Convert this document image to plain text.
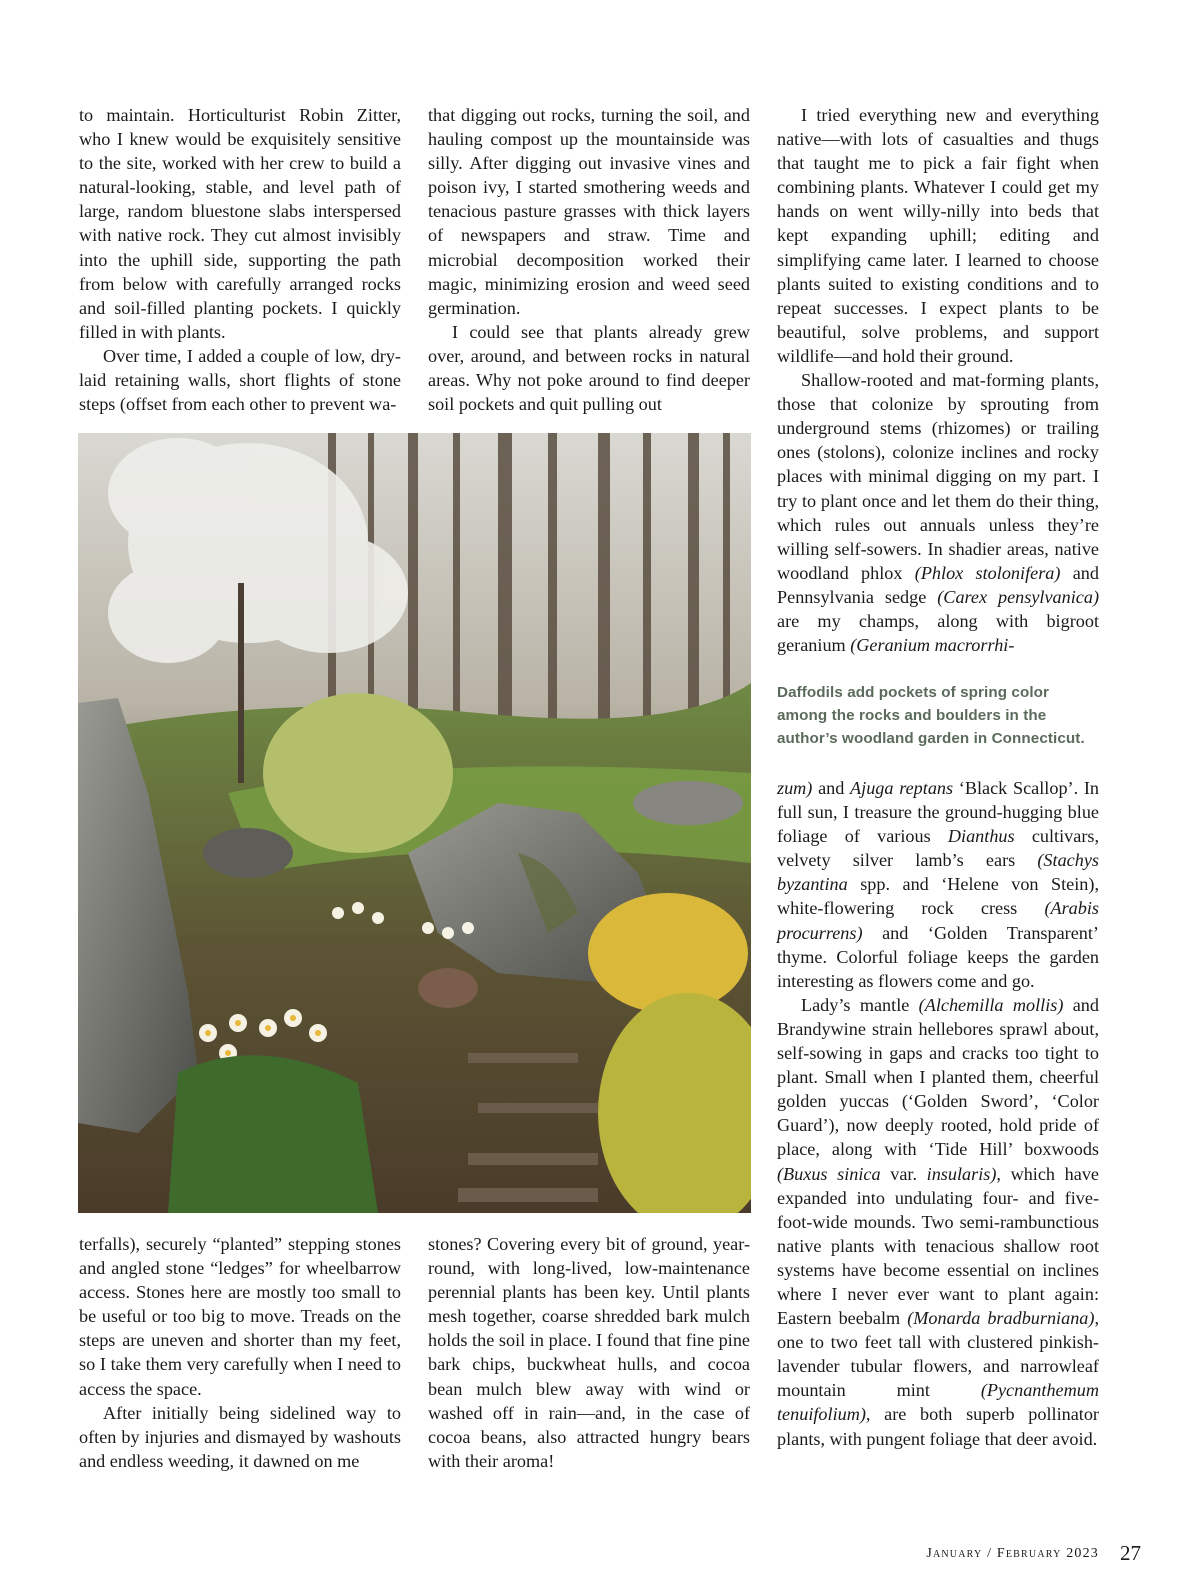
to maintain. Horticulturist Robin Zitter, who I knew would be exquisitely sensitive to the site, worked with her crew to build a natural-looking, stable, and level path of large, random bluestone slabs interspersed with native rock. They cut almost invisibly into the uphill side, supporting the path from below with carefully arranged rocks and soil-filled planting pockets. I quickly filled in with plants.

Over time, I added a couple of low, dry-laid retaining walls, short flights of stone steps (offset from each other to prevent wa-

that digging out rocks, turning the soil, and hauling compost up the mountainside was silly. After digging out invasive vines and poison ivy, I started smothering weeds and tenacious pasture grasses with thick layers of newspapers and straw. Time and microbial decomposition worked their magic, minimizing erosion and weed seed germination.

I could see that plants already grew over, around, and between rocks in natural areas. Why not poke around to find deeper soil pockets and quit pulling out

I tried everything new and everything native—with lots of casualties and thugs that taught me to pick a fair fight when combining plants. Whatever I could get my hands on went willy-nilly into beds that kept expanding uphill; editing and simplifying came later. I learned to choose plants suited to existing conditions and to repeat successes. I expect plants to be beautiful, solve problems, and support wildlife—and hold their ground.

Shallow-rooted and mat-forming plants, those that colonize by sprouting from underground stems (rhizomes) or trailing ones (stolons), colonize inclines and rocky places with minimal digging on my part. I try to plant once and let them do their thing, which rules out annuals unless they’re willing self-sowers. In shadier areas, native woodland phlox (Phlox stolonifera) and Pennsylvania sedge (Carex pensylvanica) are my champs, along with bigroot geranium (Geranium macrorrhi-

Daffodils add pockets of spring color among the rocks and boulders in the author’s woodland garden in Connecticut.

zum) and Ajuga reptans ‘Black Scallop’. In full sun, I treasure the ground-hugging blue foliage of various Dianthus cultivars, velvety silver lamb’s ears (Stachys byzantina spp. and ‘Helene von Stein), white-flowering rock cress (Arabis procurrens) and ‘Golden Transparent’ thyme. Colorful foliage keeps the garden interesting as flowers come and go.

Lady’s mantle (Alchemilla mollis) and Brandywine strain hellebores sprawl about, self-sowing in gaps and cracks too tight to plant. Small when I planted them, cheerful golden yuccas (‘Golden Sword’, ‘Color Guard’), now deeply rooted, hold pride of place, along with ‘Tide Hill’ boxwoods (Buxus sinica var. insularis), which have expanded into undulating four- and five-foot-wide mounds. Two semi-rambunctious native plants with tenacious shallow root systems have become essential on inclines where I never ever want to plant again: Eastern beebalm (Monarda bradburniana), one to two feet tall with clustered pinkish-lavender tubular flowers, and narrowleaf mountain mint (Pycnanthemum tenuifolium), are both superb pollinator plants, with pungent foliage that deer avoid.

terfalls), securely “planted” stepping stones and angled stone “ledges” for wheelbarrow access. Stones here are mostly too small to be useful or too big to move. Treads on the steps are uneven and shorter than my feet, so I take them very carefully when I need to access the space.

After initially being sidelined way to often by injuries and dismayed by washouts and endless weeding, it dawned on me

stones? Covering every bit of ground, year-round, with long-lived, low-maintenance perennial plants has been key. Until plants mesh together, coarse shredded bark mulch holds the soil in place. I found that fine pine bark chips, buckwheat hulls, and cocoa bean mulch blew away with wind or washed off in rain—and, in the case of cocoa beans, also attracted hungry bears with their aroma!

January / February 2023 27
